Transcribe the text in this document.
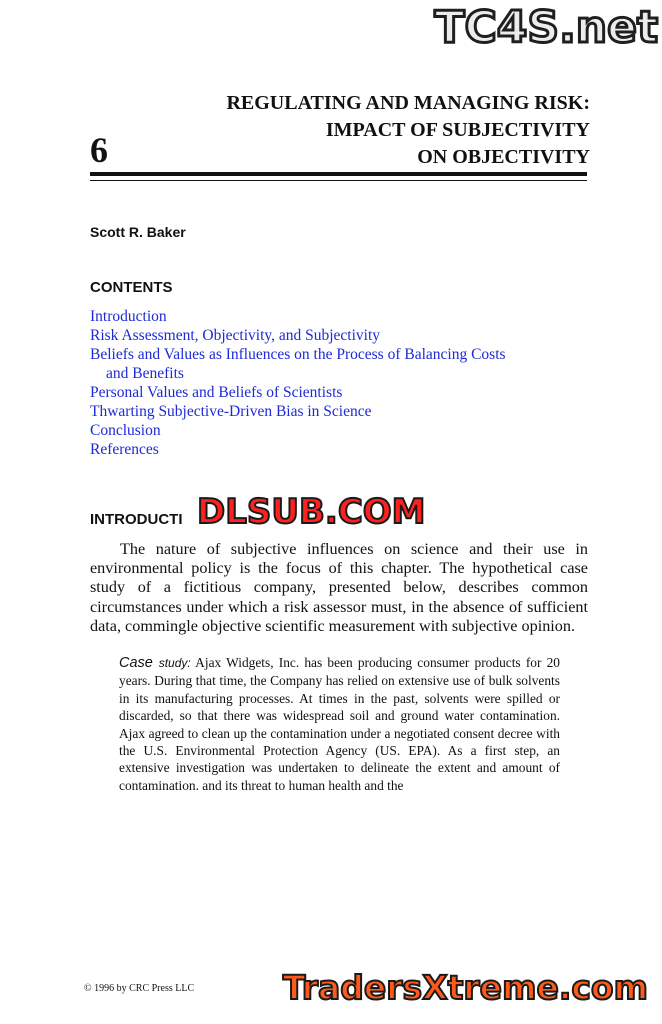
TC4S.net
REGULATING AND MANAGING RISK:
IMPACT OF SUBJECTIVITY
ON OBJECTIVITY
6
Scott R. Baker
CONTENTS
Introduction
Risk Assessment, Objectivity, and Subjectivity
Beliefs and Values as Influences on the Process of Balancing Costs
and Benefits
Personal Values and Beliefs of Scientists
Thwarting Subjective-Driven Bias in Science
Conclusion
References
INTRODUCTI DLSUB.COM

The nature of subjective influences on science and their use in environmental policy is the focus of this chapter. The hypothetical case study of a fictitious company, presented below, describes common circumstances under which a risk assessor must, in the absence of sufficient data, commingle objective scientific measurement with subjective opinion.

Case study: Ajax Widgets, Inc. has been producing consumer products for 20 years. During that time, the Company has relied on extensive use of bulk solvents in its manufacturing processes. At times in the past, solvents were spilled or discarded, so that there was widespread soil and ground water contamination. Ajax agreed to clean up the contamination under a negotiated consent decree with the U.S. Environmental Protection Agency (US. EPA). As a first step, an extensive investigation was undertaken to delineate the extent and amount of contamination. and its threat to human health and the

© 1996 by CRC Press LLC	TradersXtreme.com
